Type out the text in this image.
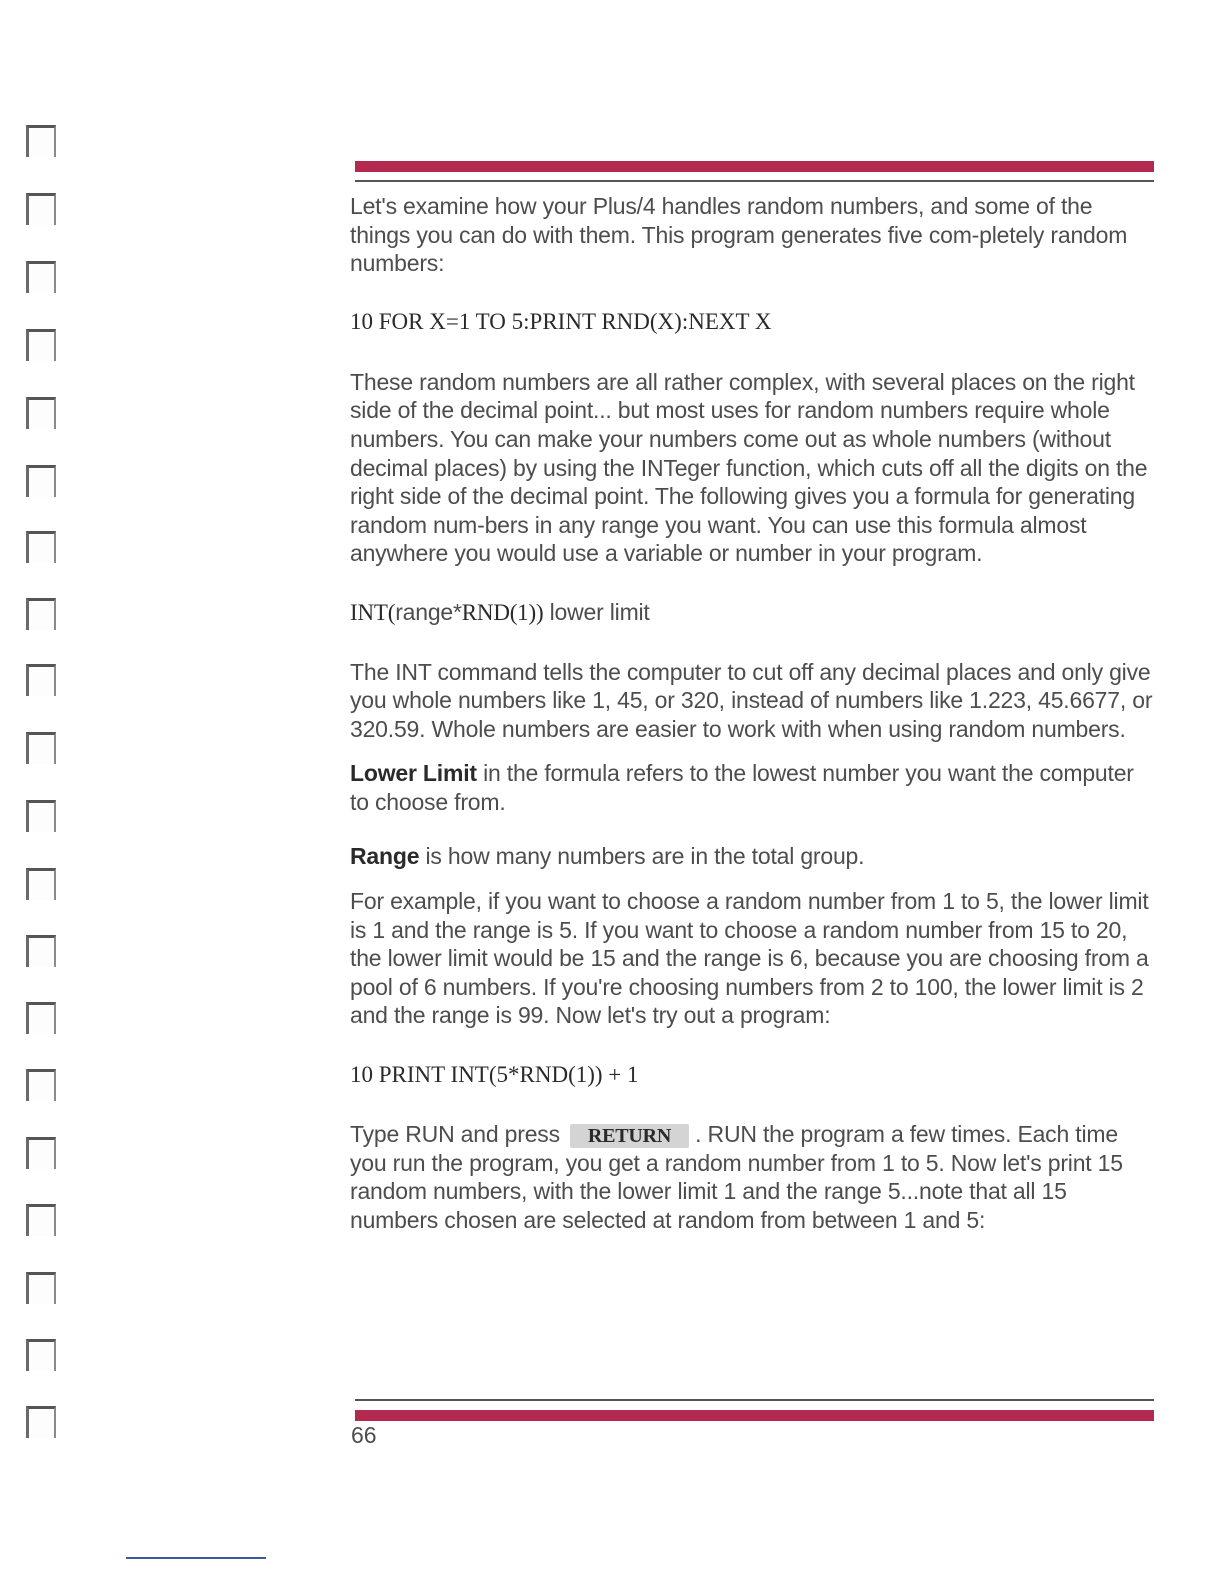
Let's examine how your Plus/4 handles random numbers, and some of the things you can do with them. This program generates five com-pletely random numbers:

10 FOR X=1 TO 5:PRINT RND(X):NEXT X

These random numbers are all rather complex, with several places on the right side of the decimal point... but most uses for random numbers require whole numbers. You can make your numbers come out as whole numbers (without decimal places) by using the INTeger function, which cuts off all the digits on the right side of the decimal point. The following gives you a formula for generating random num-bers in any range you want. You can use this formula almost anywhere you would use a variable or number in your program.

INT(range*RND(1)) lower limit

The INT command tells the computer to cut off any decimal places and only give you whole numbers like 1, 45, or 320, instead of numbers like 1.223, 45.6677, or 320.59. Whole numbers are easier to work with when using random numbers.

Lower Limit in the formula refers to the lowest number you want the computer to choose from.

Range is how many numbers are in the total group.

For example, if you want to choose a random number from 1 to 5, the lower limit is 1 and the range is 5. If you want to choose a random number from 15 to 20, the lower limit would be 15 and the range is 6, because you are choosing from a pool of 6 numbers. If you're choosing numbers from 2 to 100, the lower limit is 2 and the range is 99. Now let's try out a program:

10 PRINT INT(5*RND(1)) + 1

Type RUN and press RETURN . RUN the program a few times. Each time you run the program, you get a random number from 1 to 5. Now let's print 15 random numbers, with the lower limit 1 and the range 5...note that all 15 numbers chosen are selected at random from between 1 and 5:

66
